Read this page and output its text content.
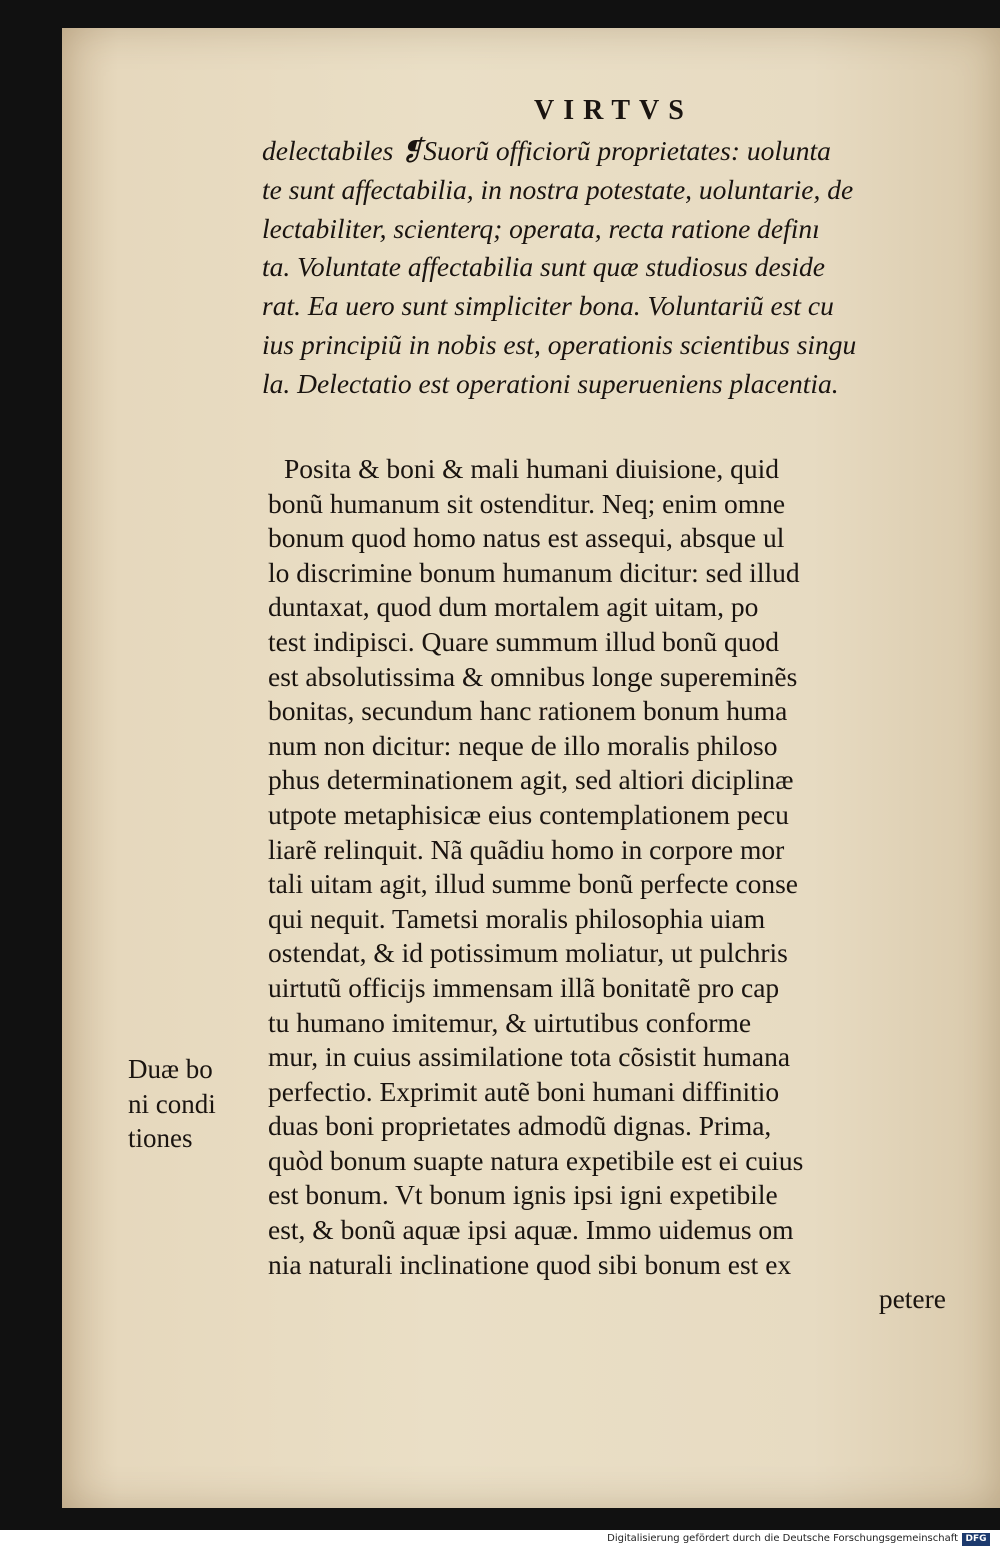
VIRTVS

delectabiles ❡Suorũ officiorũ proprietates: uolunta
te sunt affectabilia, in nostra potestate, uoluntarie, de
lectabiliter, scienterq; operata, recta ratione definı
ta. Voluntate affectabilia sunt quæ studiosus deside
rat. Ea uero sunt simpliciter bona. Voluntariũ est cu
ius principiũ in nobis est, operationis scientibus singu
la. Delectatio est operationi superueniens placentia.

Posita & boni & mali humani diuisione, quid
bonũ humanum sit ostenditur. Neq; enim omne
bonum quod homo natus est assequi, absque ul
lo discrimine bonum humanum dicitur: sed illud
duntaxat, quod dum mortalem agit uitam, po
test indipisci. Quare summum illud bonũ quod
est absolutissima & omnibus longe supereminẽs
bonitas, secundum hanc rationem bonum huma
num non dicitur: neque de illo moralis philoso
phus determinationem agit, sed altiori diciplinæ
utpote metaphisicæ eius contemplationem pecu
liarẽ relinquit. Nã quãdiu homo in corpore mor
tali uitam agit, illud summe bonũ perfecte conse
qui nequit. Tametsi moralis philosophia uiam
ostendat, & id potissimum moliatur, ut pulchris
uirtutũ officijs immensam illã bonitatẽ pro cap
tu humano imitemur, & uirtutibus conforme
mur, in cuius assimilatione tota cõsistit humana
perfectio. Exprimit autẽ boni humani diffinitio
duas boni proprietates admodũ dignas. Prima,
quòd bonum suapte natura expetibile est ei cuius
est bonum. Vt bonum ignis ipsi igni expetibile
est, & bonũ aquæ ipsi aquæ. Immo uidemus om
nia naturali inclinatione quod sibi bonum est ex
petere

Duæ bo
ni condi
tiones

Digitalisierung gefördert durch die Deutsche Forschungsgemeinschaft DFG
